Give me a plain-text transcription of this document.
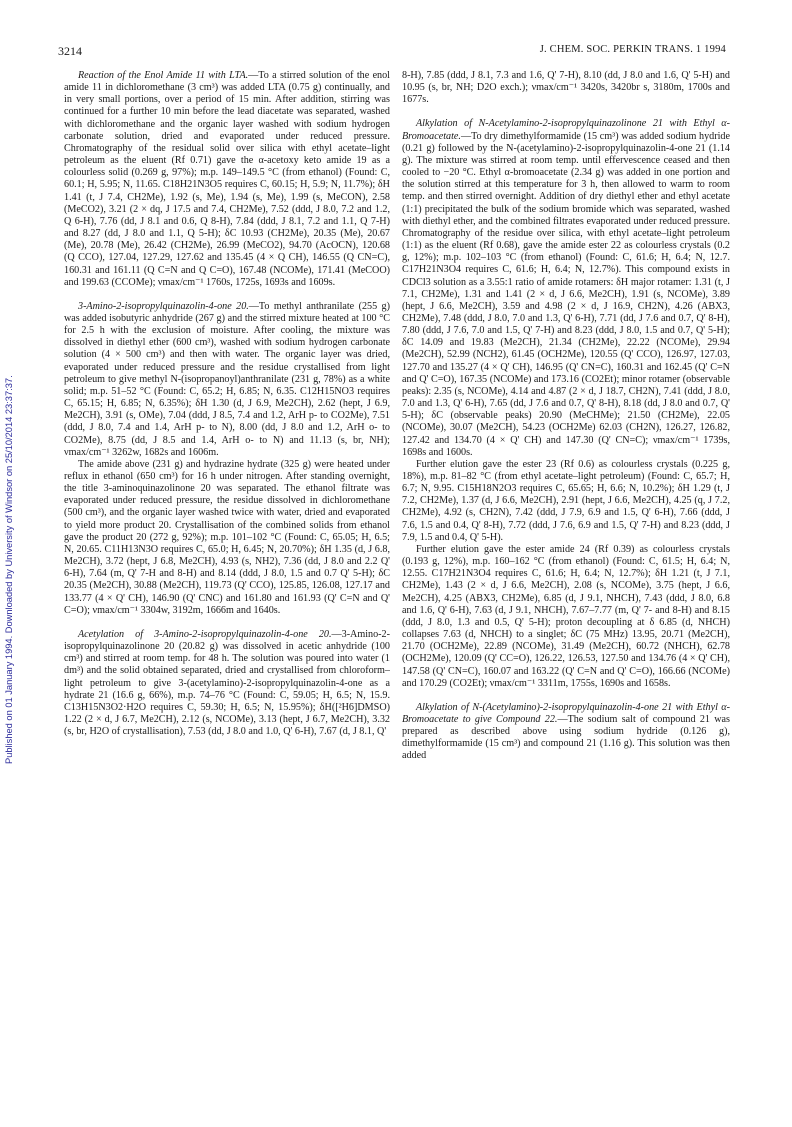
3214	J. CHEM. SOC. PERKIN TRANS. 1 1994
Published on 01 January 1994. Downloaded by University of Windsor on 25/10/2014 23:37:37.

Reaction of the Enol Amide 11 with LTA.—To a stirred solution of the enol amide 11 in dichloromethane (3 cm³) was added LTA (0.75 g) continually, and in very small portions, over a period of 15 min. After addition, stirring was continued for a further 10 min before the lead diacetate was separated, washed with dichloromethane and the organic layer washed with sodium hydrogen carbonate solution, dried and evaporated under reduced pressure. Chromatography of the residual solid over silica with ethyl acetate–light petroleum as the eluent (Rf 0.71) gave the α-acetoxy keto amide 19 as a colourless solid (0.269 g, 97%); m.p. 149–149.5 °C (from ethanol) (Found: C, 60.1; H, 5.95; N, 11.65. C18H21N3O5 requires C, 60.15; H, 5.9; N, 11.7%); δH 1.41 (t, J 7.4, CH2Me), 1.92 (s, Me), 1.94 (s, Me), 1.99 (s, MeCON), 2.58 (MeCO2), 3.21 (2 × dq, J 17.5 and 7.4, CH2Me), 7.52 (ddd, J 8.0, 7.2 and 1.2, Q 6-H), 7.76 (dd, J 8.1 and 0.6, Q 8-H), 7.84 (ddd, J 8.1, 7.2 and 1.1, Q 7-H) and 8.27 (dd, J 8.0 and 1.1, Q 5-H); δC 10.93 (CH2Me), 20.35 (Me), 20.67 (Me), 20.78 (Me), 26.42 (CH2Me), 26.99 (MeCO2), 94.70 (AcOCN), 120.68 (Q CCO), 127.04, 127.29, 127.62 and 135.45 (4 × Q CH), 146.55 (Q CN=C), 160.31 and 161.11 (Q C=N and Q C=O), 167.48 (NCOMe), 171.41 (MeCOO) and 199.63 (CCOMe); νmax/cm⁻¹ 1760s, 1725s, 1693s and 1609s.

3-Amino-2-isopropylquinazolin-4-one 20.—To methyl anthranilate (255 g) was added isobutyric anhydride (267 g) and the stirred mixture heated at 100 °C for 2.5 h with the exclusion of moisture. After cooling, the mixture was dissolved in diethyl ether (600 cm³), washed with sodium hydrogen carbonate solution (4 × 500 cm³) and then with water. The organic layer was dried, evaporated under reduced pressure and the residue crystallised from light petroleum to give methyl N-(isopropanoyl)anthranilate (231 g, 78%) as a white solid; m.p. 51–52 °C (Found: C, 65.2; H, 6.85; N, 6.35. C12H15NO3 requires C, 65.15; H, 6.85; N, 6.35%); δH 1.30 (d, J 6.9, Me2CH), 2.62 (hept, J 6.9, Me2CH), 3.91 (s, OMe), 7.04 (ddd, J 8.5, 7.4 and 1.2, ArH p- to CO2Me), 7.51 (ddd, J 8.0, 7.4 and 1.4, ArH p- to N), 8.00 (dd, J 8.0 and 1.2, ArH o- to CO2Me), 8.75 (dd, J 8.5 and 1.4, ArH o- to N) and 11.13 (s, br, NH); νmax/cm⁻¹ 3262w, 1682s and 1606m.

The amide above (231 g) and hydrazine hydrate (325 g) were heated under reflux in ethanol (650 cm³) for 16 h under nitrogen. After standing overnight, the title 3-aminoquinazolinone 20 was separated. The ethanol filtrate was evaporated under reduced pressure, the residue dissolved in dichloromethane (500 cm³), and the organic layer washed twice with water, dried and evaporated to yield more product 20. Crystallisation of the combined solids from ethanol gave the product 20 (272 g, 92%); m.p. 101–102 °C (Found: C, 65.05; H, 6.5; N, 20.65. C11H13N3O requires C, 65.0; H, 6.45; N, 20.70%); δH 1.35 (d, J 6.8, Me2CH), 3.72 (hept, J 6.8, Me2CH), 4.93 (s, NH2), 7.36 (dd, J 8.0 and 2.2 Q' 6-H), 7.64 (m, Q' 7-H and 8-H) and 8.14 (ddd, J 8.0, 1.5 and 0.7 Q' 5-H); δC 20.35 (Me2CH), 30.88 (Me2CH), 119.73 (Q' CCO), 125.85, 126.08, 127.17 and 133.77 (4 × Q' CH), 146.90 (Q' CNC) and 161.80 and 161.93 (Q' C=N and Q' C=O); νmax/cm⁻¹ 3304w, 3192m, 1666m and 1640s.

Acetylation of 3-Amino-2-isopropylquinazolin-4-one 20.—3-Amino-2-isopropylquinazolinone 20 (20.82 g) was dissolved in acetic anhydride (100 cm³) and stirred at room temp. for 48 h. The solution was poured into water (1 dm³) and the solid obtained separated, dried and crystallised from chloroform–light petroleum to give 3-(acetylamino)-2-isopropylquinazolin-4-one as a hydrate 21 (16.6 g, 66%), m.p. 74–76 °C (Found: C, 59.05; H, 6.5; N, 15.9. C13H15N3O2·H2O requires C, 59.30; H, 6.5; N, 15.95%); δH([²H6]DMSO) 1.22 (2 × d, J 6.7, Me2CH), 2.12 (s, NCOMe), 3.13 (hept, J 6.7, Me2CH), 3.32 (s, br, H2O of crystallisation), 7.53 (dd, J 8.0 and 1.0, Q' 6-H), 7.67 (d, J 8.1, Q'

8-H), 7.85 (ddd, J 8.1, 7.3 and 1.6, Q' 7-H), 8.10 (dd, J 8.0 and 1.6, Q' 5-H) and 10.95 (s, br, NH; D2O exch.); νmax/cm⁻¹ 3420s, 3420br s, 3180m, 1700s and 1677s.

Alkylation of N-Acetylamino-2-isopropylquinazolinone 21 with Ethyl α-Bromoacetate.—To dry dimethylformamide (15 cm³) was added sodium hydride (0.21 g) followed by the N-(acetylamino)-2-isopropylquinazolin-4-one 21 (1.14 g). The mixture was stirred at room temp. until effervescence ceased and then cooled to −20 °C. Ethyl α-bromoacetate (2.34 g) was added in one portion and the solution stirred at this temperature for 3 h, then allowed to warm to room temp. and then stirred overnight. Addition of dry diethyl ether and ethyl acetate (1:1) precipitated the bulk of the sodium bromide which was separated, washed with diethyl ether, and the combined filtrates evaporated under reduced pressure. Chromatography of the residue over silica, with ethyl acetate–light petroleum (1:1) as the eluent (Rf 0.68), gave the amide ester 22 as colourless crystals (0.2 g, 12%); m.p. 102–103 °C (from ethanol) (Found: C, 61.6; H, 6.4; N, 12.7. C17H21N3O4 requires C, 61.6; H, 6.4; N, 12.7%). This compound exists in CDCl3 solution as a 3.55:1 ratio of amide rotamers: δH major rotamer: 1.31 (t, J 7.1, CH2Me), 1.31 and 1.41 (2 × d, J 6.6, Me2CH), 1.91 (s, NCOMe), 3.89 (hept, J 6.6, Me2CH), 3.59 and 4.98 (2 × d, J 16.9, CH2N), 4.26 (ABX3, CH2Me), 7.48 (ddd, J 8.0, 7.0 and 1.3, Q' 6-H), 7.71 (dd, J 7.6 and 0.7, Q' 8-H), 7.80 (ddd, J 7.6, 7.0 and 1.5, Q' 7-H) and 8.23 (ddd, J 8.0, 1.5 and 0.7, Q' 5-H); δC 14.09 and 19.83 (Me2CH), 21.34 (CH2Me), 22.22 (NCOMe), 29.94 (Me2CH), 52.99 (NCH2), 61.45 (OCH2Me), 120.55 (Q' CCO), 126.97, 127.03, 127.70 and 135.27 (4 × Q' CH), 146.95 (Q' CN=C), 160.31 and 162.45 (Q' C=N and Q' C=O), 167.35 (NCOMe) and 173.16 (CO2Et); minor rotamer (observable peaks): 2.35 (s, NCOMe), 4.14 and 4.87 (2 × d, J 18.7, CH2N), 7.41 (ddd, J 8.0, 7.0 and 1.3, Q' 6-H), 7.65 (dd, J 7.6 and 0.7, Q' 8-H), 8.18 (dd, J 8.0 and 0.7, Q' 5-H); δC (observable peaks) 20.90 (MeCHMe); 21.50 (CH2Me), 22.05 (NCOMe), 30.07 (Me2CH), 54.23 (OCH2Me) 62.03 (CH2N), 126.27, 126.82, 127.42 and 134.70 (4 × Q' CH) and 147.30 (Q' CN=C); νmax/cm⁻¹ 1739s, 1698s and 1600s.

Further elution gave the ester 23 (Rf 0.6) as colourless crystals (0.225 g, 18%), m.p. 81–82 °C (from ethyl acetate–light petroleum) (Found: C, 65.7; H, 6.7; N, 9.95. C15H18N2O3 requires C, 65.65; H, 6.6; N, 10.2%); δH 1.29 (t, J 7.2, CH2Me), 1.37 (d, J 6.6, Me2CH), 2.91 (hept, J 6.6, Me2CH), 4.25 (q, J 7.2, CH2Me), 4.92 (s, CH2N), 7.42 (ddd, J 7.9, 6.9 and 1.5, Q' 6-H), 7.66 (ddd, J 7.6, 1.5 and 0.4, Q' 8-H), 7.72 (ddd, J 7.6, 6.9 and 1.5, Q' 7-H) and 8.23 (ddd, J 7.9, 1.5 and 0.4, Q' 5-H).

Further elution gave the ester amide 24 (Rf 0.39) as colourless crystals (0.193 g, 12%), m.p. 160–162 °C (from ethanol) (Found: C, 61.5; H, 6.4; N, 12.55. C17H21N3O4 requires C, 61.6; H, 6.4; N, 12.7%); δH 1.21 (t, J 7.1, CH2Me), 1.43 (2 × d, J 6.6, Me2CH), 2.08 (s, NCOMe), 3.75 (hept, J 6.6, Me2CH), 4.25 (ABX3, CH2Me), 6.85 (d, J 9.1, NHCH), 7.43 (ddd, J 8.0, 6.8 and 1.6, Q' 6-H), 7.63 (d, J 9.1, NHCH), 7.67–7.77 (m, Q' 7- and 8-H) and 8.15 (ddd, J 8.0, 1.3 and 0.5, Q' 5-H); proton decoupling at δ 6.85 (d, NHCH) collapses 7.63 (d, NHCH) to a singlet; δC (75 MHz) 13.95, 20.71 (Me2CH), 21.70 (OCH2Me), 22.89 (NCOMe), 31.49 (Me2CH), 60.72 (NHCH), 62.78 (OCH2Me), 120.09 (Q' CC=O), 126.22, 126.53, 127.50 and 134.76 (4 × Q' CH), 147.58 (Q' CN=C), 160.07 and 163.22 (Q' C=N and Q' C=O), 166.66 (NCOMe) and 170.29 (CO2Et); νmax/cm⁻¹ 3311m, 1755s, 1690s and 1658s.

Alkylation of N-(Acetylamino)-2-isopropylquinazolin-4-one 21 with Ethyl α-Bromoacetate to give Compound 22.—The sodium salt of compound 21 was prepared as described above using sodium hydride (0.126 g), dimethylformamide (15 cm³) and compound 21 (1.16 g). This solution was then added
